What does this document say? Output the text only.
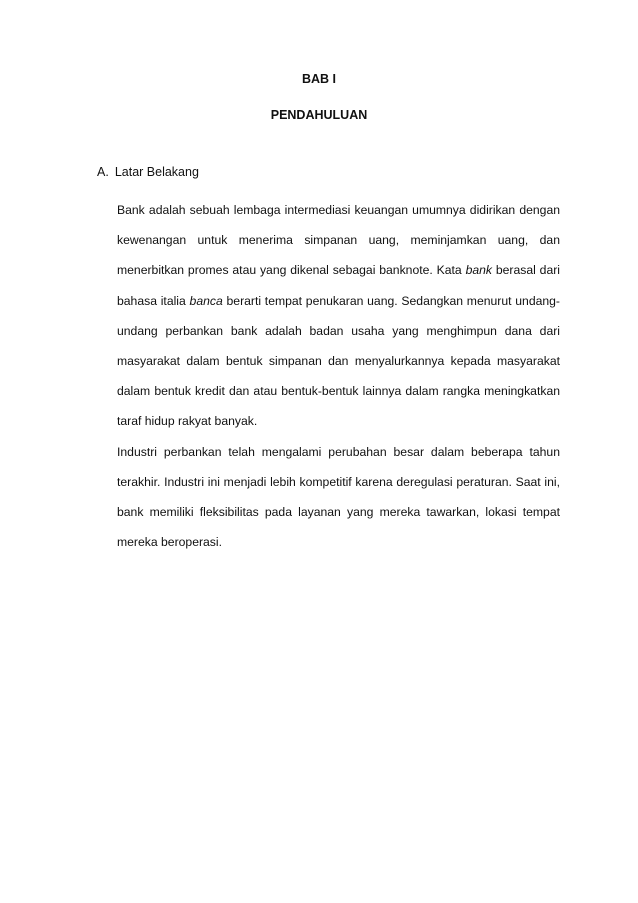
BAB I
PENDAHULUAN
A. Latar Belakang

Bank adalah sebuah lembaga intermediasi keuangan umumnya didirikan dengan kewenangan untuk menerima simpanan uang, meminjamkan uang, dan menerbitkan promes atau yang dikenal sebagai banknote. Kata bank berasal dari bahasa italia banca berarti tempat penukaran uang. Sedangkan menurut undang-undang perbankan bank adalah badan usaha yang menghimpun dana dari masyarakat dalam bentuk simpanan dan menyalurkannya kepada masyarakat dalam bentuk kredit dan atau bentuk-bentuk lainnya dalam rangka meningkatkan taraf hidup rakyat banyak.

Industri perbankan telah mengalami perubahan besar dalam beberapa tahun terakhir. Industri ini menjadi lebih kompetitif karena deregulasi peraturan. Saat ini, bank memiliki fleksibilitas pada layanan yang mereka tawarkan, lokasi tempat mereka beroperasi.
